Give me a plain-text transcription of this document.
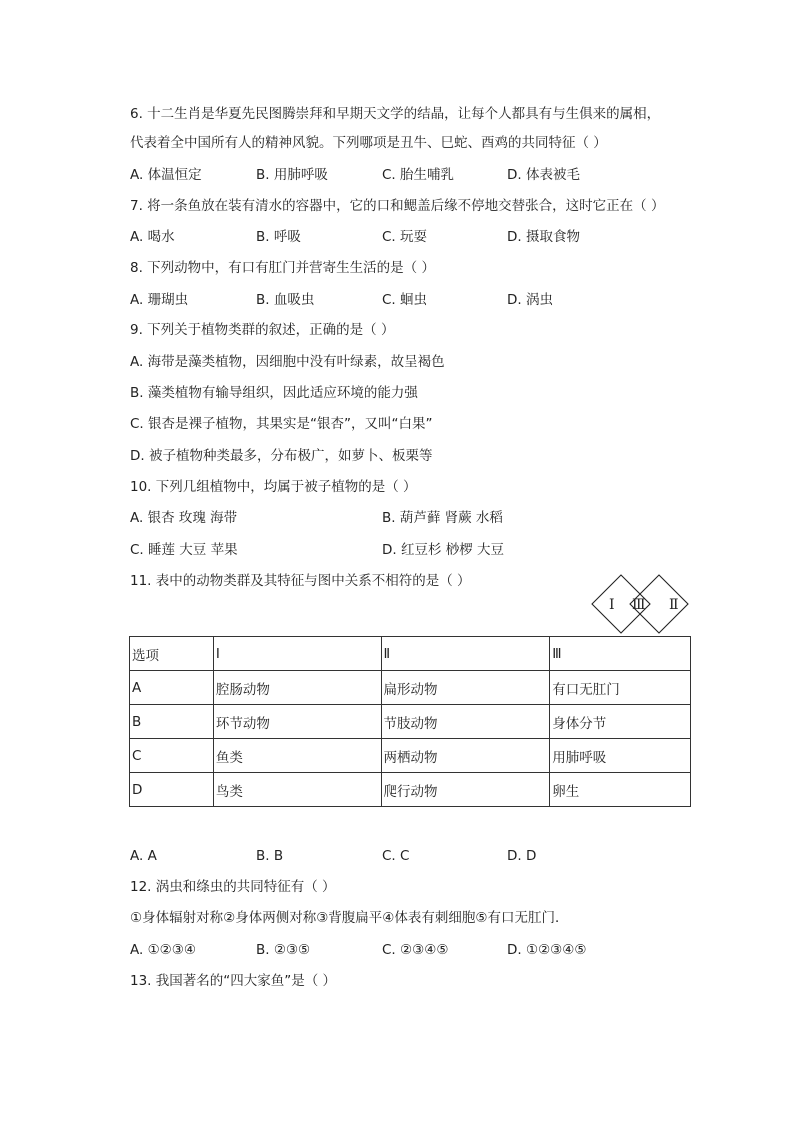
6. 十二生肖是华夏先民图腾崇拜和早期天文学的结晶，让每个人都具有与生俱来的属相，
代表着全中国所有人的精神风貌。下列哪项是丑牛、巳蛇、酉鸡的共同特征（ ）
A. 体温恒定	B. 用肺呼吸	C. 胎生哺乳	D. 体表被毛
7. 将一条鱼放在装有清水的容器中，它的口和鳃盖后缘不停地交替张合，这时它正在（ ）
A. 喝水	B. 呼吸	C. 玩耍	D. 摄取食物
8. 下列动物中，有口有肛门并营寄生生活的是（ ）
A. 珊瑚虫	B. 血吸虫	C. 蛔虫	D. 涡虫
9. 下列关于植物类群的叙述，正确的是（ ）
A. 海带是藻类植物，因细胞中没有叶绿素，故呈褐色
B. 藻类植物有输导组织，因此适应环境的能力强
C. 银杏是裸子植物，其果实是“银杏”，又叫“白果”
D. 被子植物种类最多，分布极广，如萝卜、板栗等
10. 下列几组植物中，均属于被子植物的是（ ）
A. 银杏 玫瑰 海带	B. 葫芦藓 肾蕨 水稻
C. 睡莲 大豆 苹果	D. 红豆杉 桫椤 大豆
11. 表中的动物类群及其特征与图中关系不相符的是（ ）
Ⅰ Ⅲ Ⅱ
选项	Ⅰ	Ⅱ	Ⅲ
A	腔肠动物	扁形动物	有口无肛门
B	环节动物	节肢动物	身体分节
C	鱼类	两栖动物	用肺呼吸
D	鸟类	爬行动物	卵生
A. A	B. B	C. C	D. D
12. 涡虫和绦虫的共同特征有（ ）
①身体辐射对称②身体两侧对称③背腹扁平④体表有刺细胞⑤有口无肛门．
A. ①②③④	B. ②③⑤	C. ②③④⑤	D. ①②③④⑤
13. 我国著名的“四大家鱼”是（ ）
